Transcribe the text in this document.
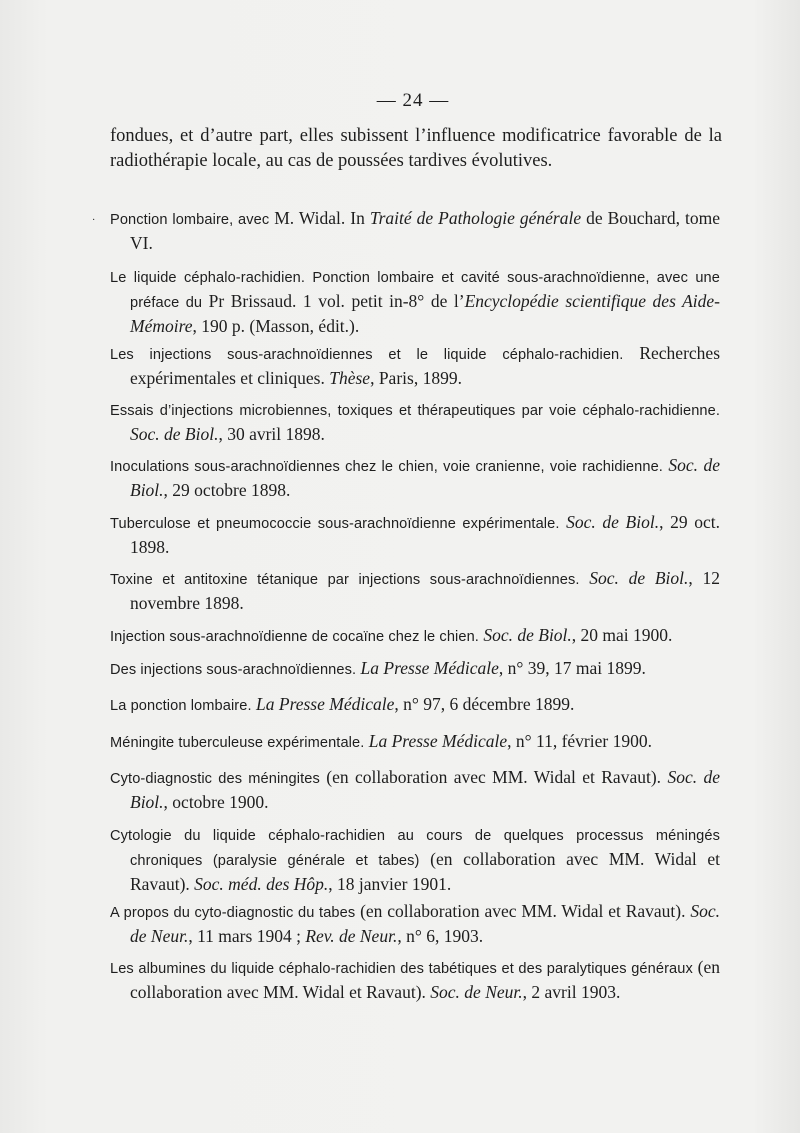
— 24 —
fondues, et d’autre part, elles subissent l’influence modificatrice favorable de la radiothérapie locale, au cas de poussées tardives évolutives.
· Ponction lombaire, avec M. Widal. In Traité de Pathologie générale de Bouchard, tome VI.
Le liquide céphalo-rachidien. Ponction lombaire et cavité sous-arachnoïdienne, avec une préface du Pr Brissaud. 1 vol. petit in-8° de l’Encyclopédie scientifique des Aide-Mémoire, 190 p. (Masson, édit.).
Les injections sous-arachnoïdiennes et le liquide céphalo-rachidien. Recherches expérimentales et cliniques. Thèse, Paris, 1899.
Essais d’injections microbiennes, toxiques et thérapeutiques par voie céphalo-rachidienne. Soc. de Biol., 30 avril 1898.
Inoculations sous-arachnoïdiennes chez le chien, voie cranienne, voie rachidienne. Soc. de Biol., 29 octobre 1898.
Tuberculose et pneumococcie sous-arachnoïdienne expérimentale. Soc. de Biol., 29 oct. 1898.
Toxine et antitoxine tétanique par injections sous-arachnoïdiennes. Soc. de Biol., 12 novembre 1898.
Injection sous-arachnoïdienne de cocaïne chez le chien. Soc. de Biol., 20 mai 1900.
Des injections sous-arachnoïdiennes. La Presse Médicale, n° 39, 17 mai 1899.
La ponction lombaire. La Presse Médicale, n° 97, 6 décembre 1899.
Méningite tuberculeuse expérimentale. La Presse Médicale, n° 11, février 1900.
Cyto-diagnostic des méningites (en collaboration avec MM. Widal et Ravaut). Soc. de Biol., octobre 1900.
Cytologie du liquide céphalo-rachidien au cours de quelques processus méningés chroniques (paralysie générale et tabes) (en collaboration avec MM. Widal et Ravaut). Soc. méd. des Hôp., 18 janvier 1901.
A propos du cyto-diagnostic du tabes (en collaboration avec MM. Widal et Ravaut). Soc. de Neur., 11 mars 1904 ; Rev. de Neur., n° 6, 1903.
Les albumines du liquide céphalo-rachidien des tabétiques et des paralytiques généraux (en collaboration avec MM. Widal et Ravaut). Soc. de Neur., 2 avril 1903.
